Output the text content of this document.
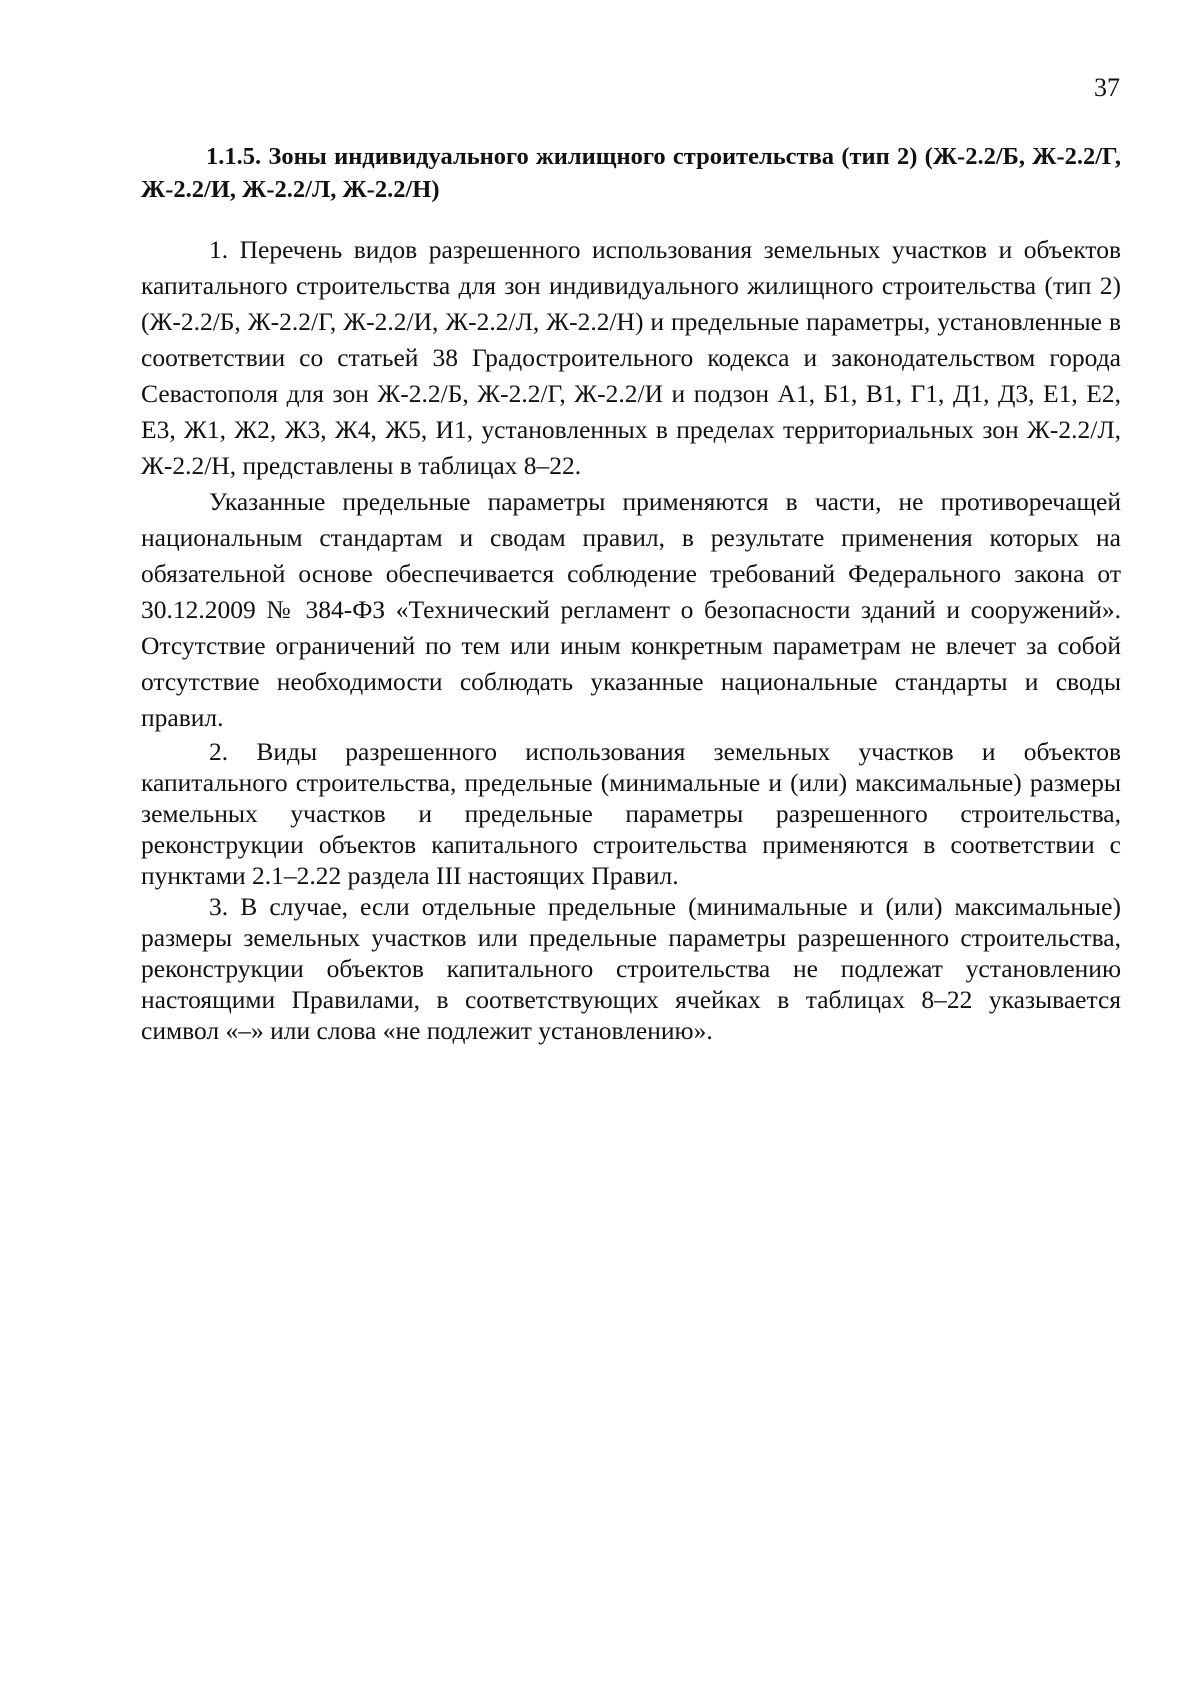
37

1.1.5. Зоны индивидуального жилищного строительства (тип 2) (Ж-2.2/Б, Ж-2.2/Г, Ж-2.2/И, Ж-2.2/Л, Ж-2.2/Н)

1. Перечень видов разрешенного использования земельных участков и объектов капитального строительства для зон индивидуального жилищного строительства (тип 2) (Ж-2.2/Б, Ж-2.2/Г, Ж-2.2/И, Ж-2.2/Л, Ж-2.2/Н) и предельные параметры, установленные в соответствии со статьей 38 Градостроительного кодекса и законодательством города Севастополя для зон Ж-2.2/Б, Ж-2.2/Г, Ж-2.2/И и подзон А1, Б1, В1, Г1, Д1, Д3, Е1, Е2, Е3, Ж1, Ж2, Ж3, Ж4, Ж5, И1, установленных в пределах территориальных зон Ж-2.2/Л, Ж-2.2/Н, представлены в таблицах 8–22.

Указанные предельные параметры применяются в части, не противоречащей национальным стандартам и сводам правил, в результате применения которых на обязательной основе обеспечивается соблюдение требований Федерального закона от 30.12.2009 № 384-ФЗ «Технический регламент о безопасности зданий и сооружений». Отсутствие ограничений по тем или иным конкретным параметрам не влечет за собой отсутствие необходимости соблюдать указанные национальные стандарты и своды правил.

2. Виды разрешенного использования земельных участков и объектов капитального строительства, предельные (минимальные и (или) максимальные) размеры земельных участков и предельные параметры разрешенного строительства, реконструкции объектов капитального строительства применяются в соответствии с пунктами 2.1–2.22 раздела III настоящих Правил.

3. В случае, если отдельные предельные (минимальные и (или) максимальные) размеры земельных участков или предельные параметры разрешенного строительства, реконструкции объектов капитального строительства не подлежат установлению настоящими Правилами, в соответствующих ячейках в таблицах 8–22 указывается символ «–» или слова «не подлежит установлению».
